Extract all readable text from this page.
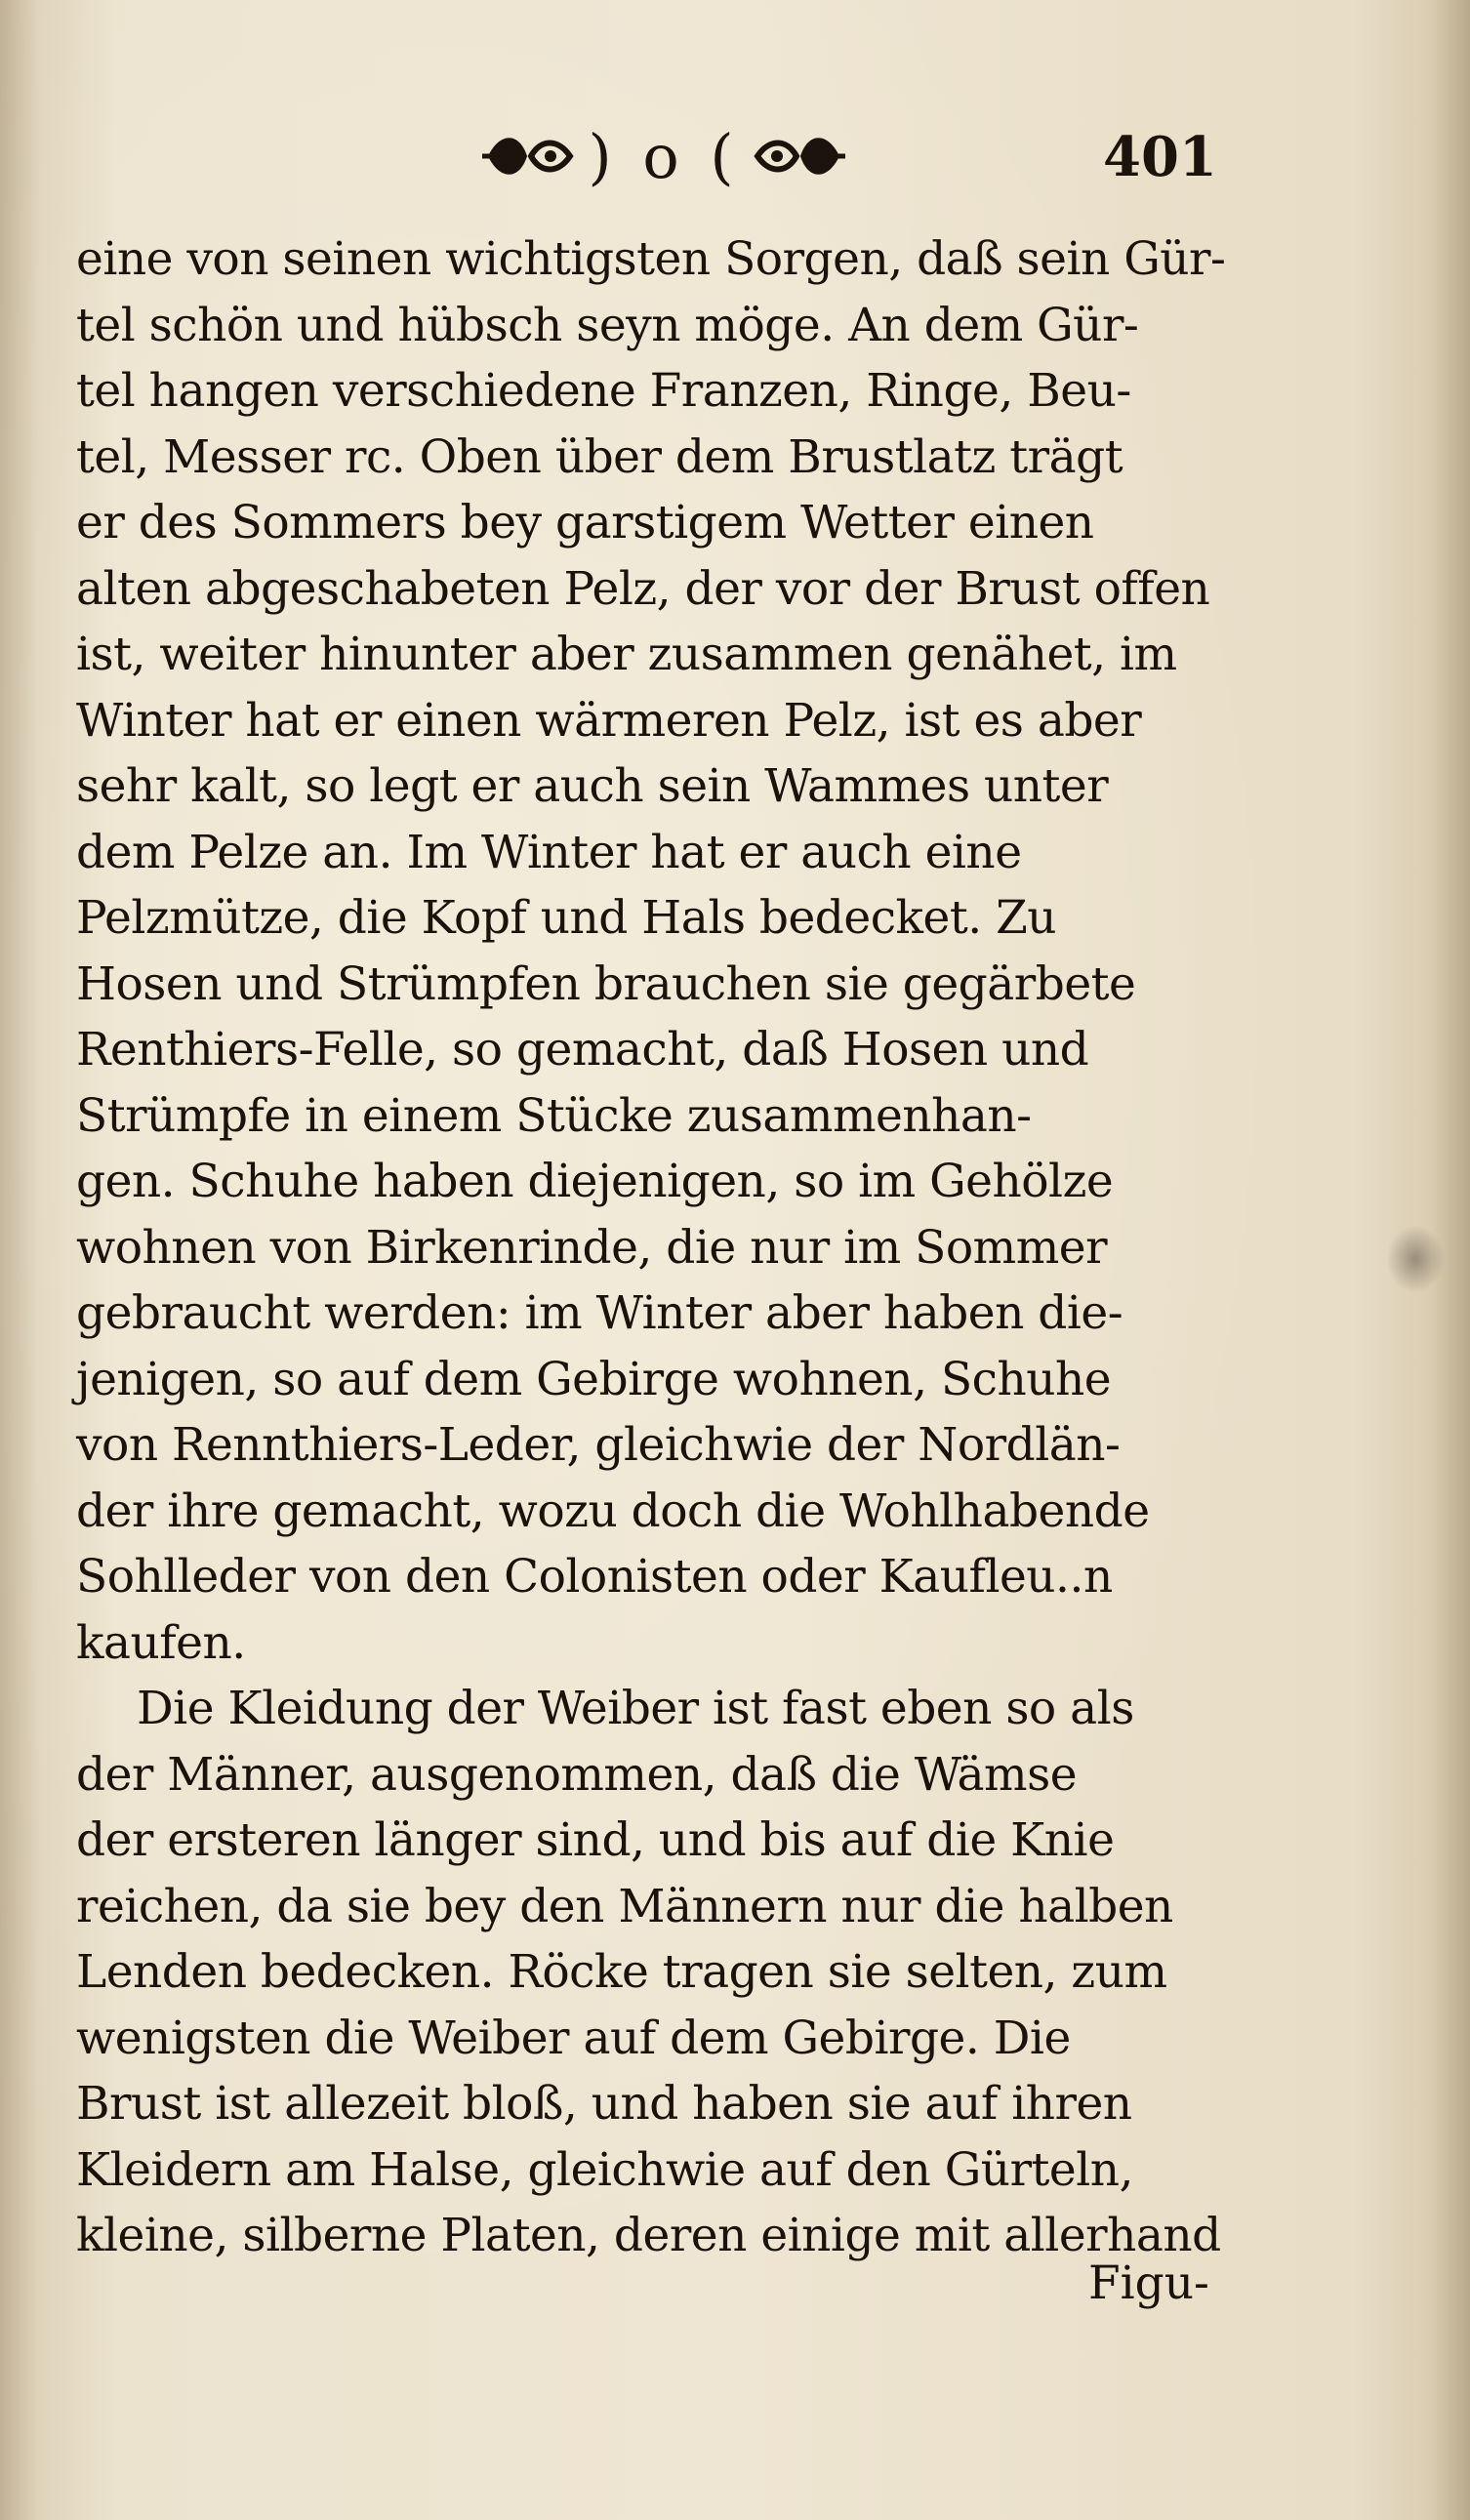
) o (	401
eine von seinen wichtigsten Sorgen, daß sein Gür-
tel schön und hübsch seyn möge. An dem Gür-
tel hangen verschiedene Franzen, Ringe, Beu-
tel, Messer rc. Oben über dem Brustlatz trägt
er des Sommers bey garstigem Wetter einen
alten abgeschabeten Pelz, der vor der Brust offen
ist, weiter hinunter aber zusammen genähet, im
Winter hat er einen wärmeren Pelz, ist es aber
sehr kalt, so legt er auch sein Wammes unter
dem Pelze an. Im Winter hat er auch eine
Pelzmütze, die Kopf und Hals bedecket. Zu
Hosen und Strümpfen brauchen sie gegärbete
Renthiers-Felle, so gemacht, daß Hosen und
Strümpfe in einem Stücke zusammenhan-
gen. Schuhe haben diejenigen, so im Gehölze
wohnen von Birkenrinde, die nur im Sommer
gebraucht werden: im Winter aber haben die-
jenigen, so auf dem Gebirge wohnen, Schuhe
von Rennthiers-Leder, gleichwie der Nordlän-
der ihre gemacht, wozu doch die Wohlhabende
Sohlleder von den Colonisten oder Kaufleu..n
kaufen.
Die Kleidung der Weiber ist fast eben so als
der Männer, ausgenommen, daß die Wämse
der ersteren länger sind, und bis auf die Knie
reichen, da sie bey den Männern nur die halben
Lenden bedecken. Röcke tragen sie selten, zum
wenigsten die Weiber auf dem Gebirge. Die
Brust ist allezeit bloß, und haben sie auf ihren
Kleidern am Halse, gleichwie auf den Gürteln,
kleine, silberne Platen, deren einige mit allerhand
Figu-
